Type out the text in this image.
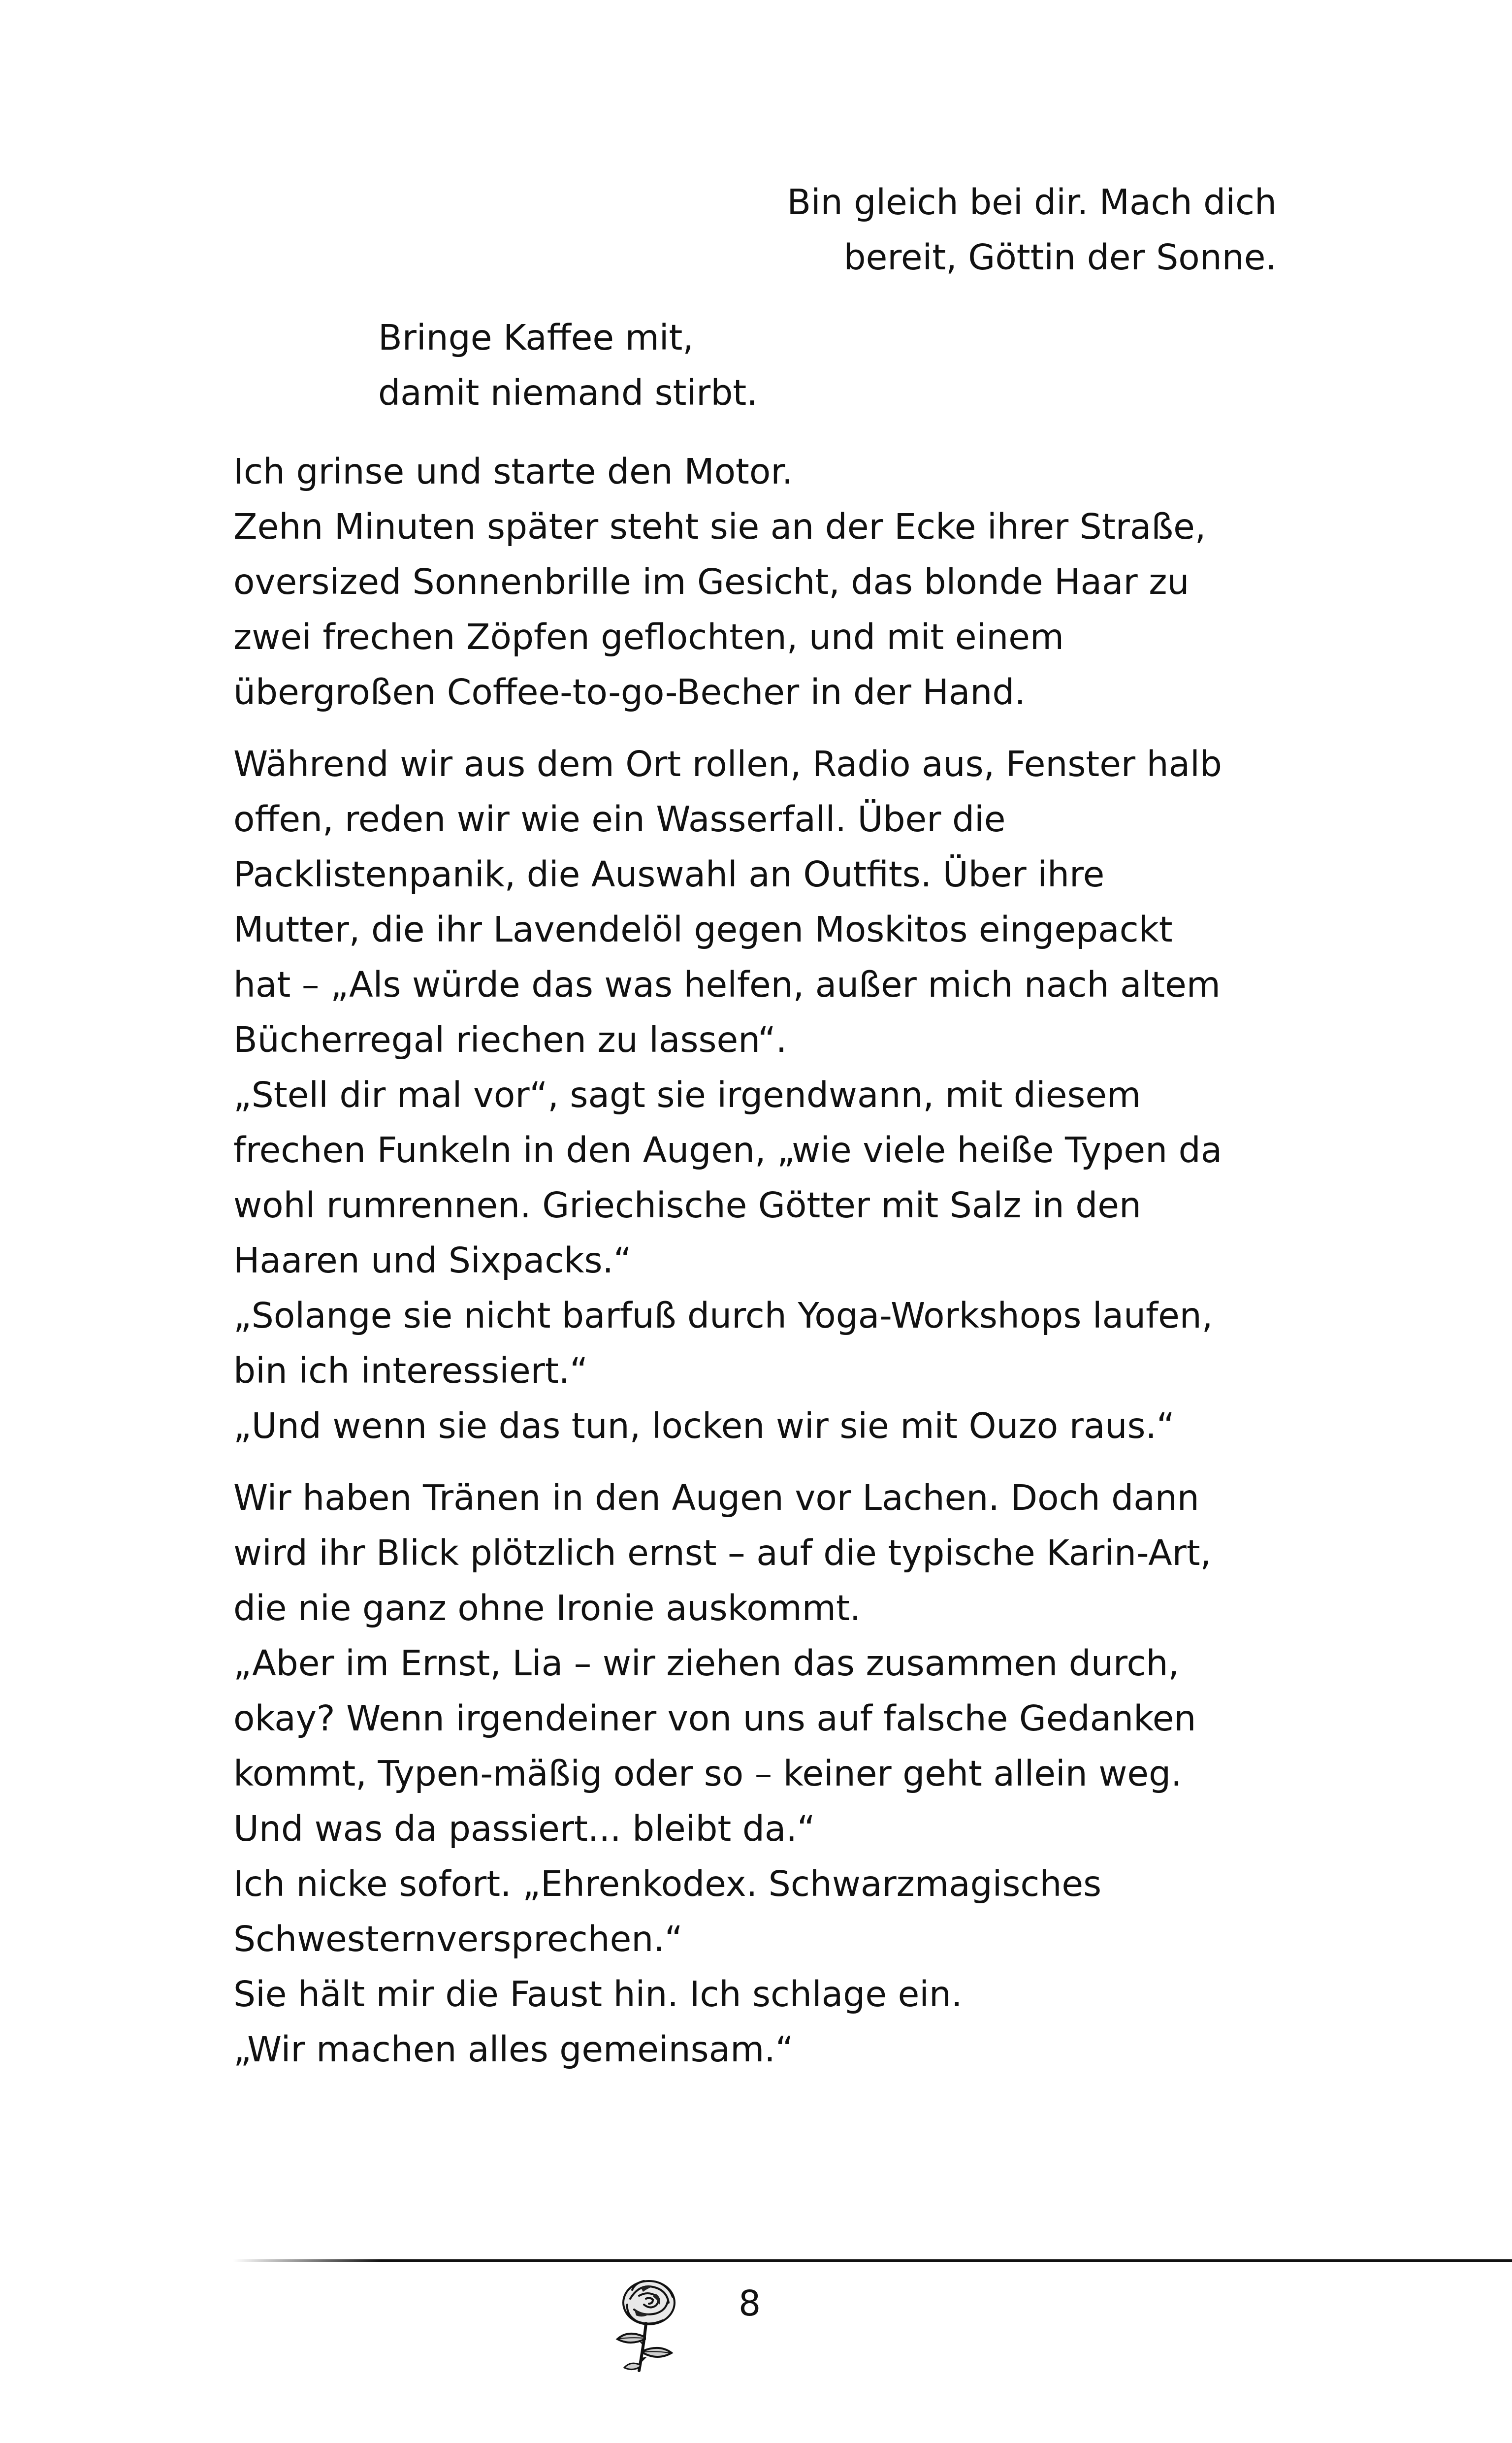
Bin gleich bei dir. Mach dich
bereit, Göttin der Sonne.
Bringe Kaffee mit,
damit niemand stirbt.
Ich grinse und starte den Motor.
Zehn Minuten später steht sie an der Ecke ihrer Straße,
oversized Sonnenbrille im Gesicht, das blonde Haar zu
zwei frechen Zöpfen geflochten, und mit einem
übergroßen Coffee-to-go-Becher in der Hand.
Während wir aus dem Ort rollen, Radio aus, Fenster halb
offen, reden wir wie ein Wasserfall. Über die
Packlistenpanik, die Auswahl an Outfits. Über ihre
Mutter, die ihr Lavendelöl gegen Moskitos eingepackt
hat – „Als würde das was helfen, außer mich nach altem
Bücherregal riechen zu lassen“.
„Stell dir mal vor“, sagt sie irgendwann, mit diesem
frechen Funkeln in den Augen, „wie viele heiße Typen da
wohl rumrennen. Griechische Götter mit Salz in den
Haaren und Sixpacks.“
„Solange sie nicht barfuß durch Yoga-Workshops laufen,
bin ich interessiert.“
„Und wenn sie das tun, locken wir sie mit Ouzo raus.“
Wir haben Tränen in den Augen vor Lachen. Doch dann
wird ihr Blick plötzlich ernst – auf die typische Karin-Art,
die nie ganz ohne Ironie auskommt.
„Aber im Ernst, Lia – wir ziehen das zusammen durch,
okay? Wenn irgendeiner von uns auf falsche Gedanken
kommt, Typen-mäßig oder so – keiner geht allein weg.
Und was da passiert... bleibt da.“
Ich nicke sofort. „Ehrenkodex. Schwarzmagisches
Schwesternversprechen.“
Sie hält mir die Faust hin. Ich schlage ein.
„Wir machen alles gemeinsam.“
8
